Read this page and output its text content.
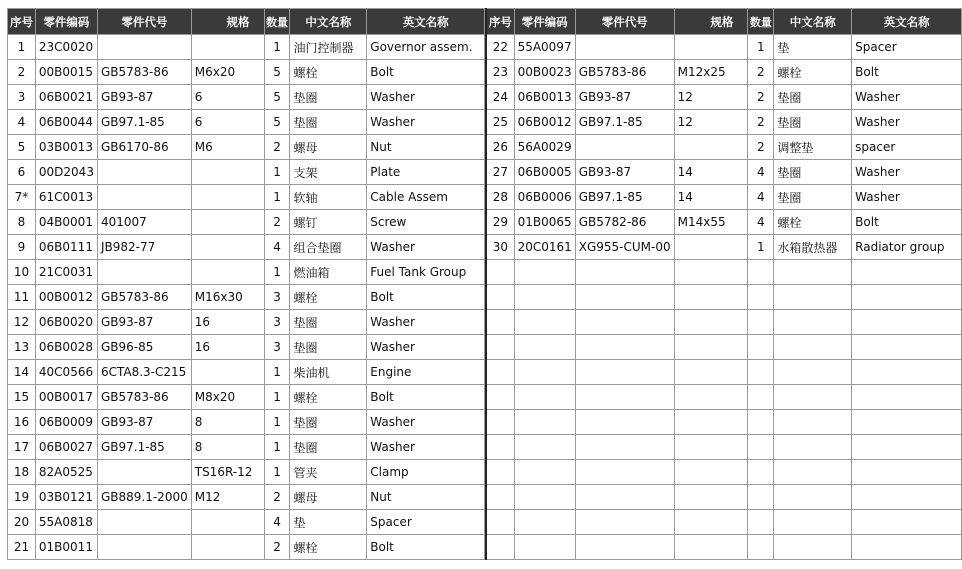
序号	零件编码	零件代号	规格	数量	中文名称	英文名称
1	23C0020			1	油门控制器	Governor assem.
2	00B0015	GB5783-86	M6x20	5	螺栓	Bolt
3	06B0021	GB93-87	6	5	垫圈	Washer
4	06B0044	GB97.1-85	6	5	垫圈	Washer
5	03B0013	GB6170-86	M6	2	螺母	Nut
6	00D2043			1	支架	Plate
7*	61C0013			1	软轴	Cable Assem
8	04B0001	401007		2	螺钉	Screw
9	06B0111	JB982-77		4	组合垫圈	Washer
10	21C0031			1	燃油箱	Fuel Tank Group
11	00B0012	GB5783-86	M16x30	3	螺栓	Bolt
12	06B0020	GB93-87	16	3	垫圈	Washer
13	06B0028	GB96-85	16	3	垫圈	Washer
14	40C0566	6CTA8.3-C215		1	柴油机	Engine
15	00B0017	GB5783-86	M8x20	1	螺栓	Bolt
16	06B0009	GB93-87	8	1	垫圈	Washer
17	06B0027	GB97.1-85	8	1	垫圈	Washer
18	82A0525		TS16R-12	1	管夹	Clamp
19	03B0121	GB889.1-2000	M12	2	螺母	Nut
20	55A0818			4	垫	Spacer
21	01B0011			2	螺栓	Bolt
序号	零件编码	零件代号	规格	数量	中文名称	英文名称
22	55A0097			1	垫	Spacer
23	00B0023	GB5783-86	M12x25	2	螺栓	Bolt
24	06B0013	GB93-87	12	2	垫圈	Washer
25	06B0012	GB97.1-85	12	2	垫圈	Washer
26	56A0029			2	调整垫	spacer
27	06B0005	GB93-87	14	4	垫圈	Washer
28	06B0006	GB97.1-85	14	4	垫圈	Washer
29	01B0065	GB5782-86	M14x55	4	螺栓	Bolt
30	20C0161	XG955-CUM-00		1	水箱散热器	Radiator group
